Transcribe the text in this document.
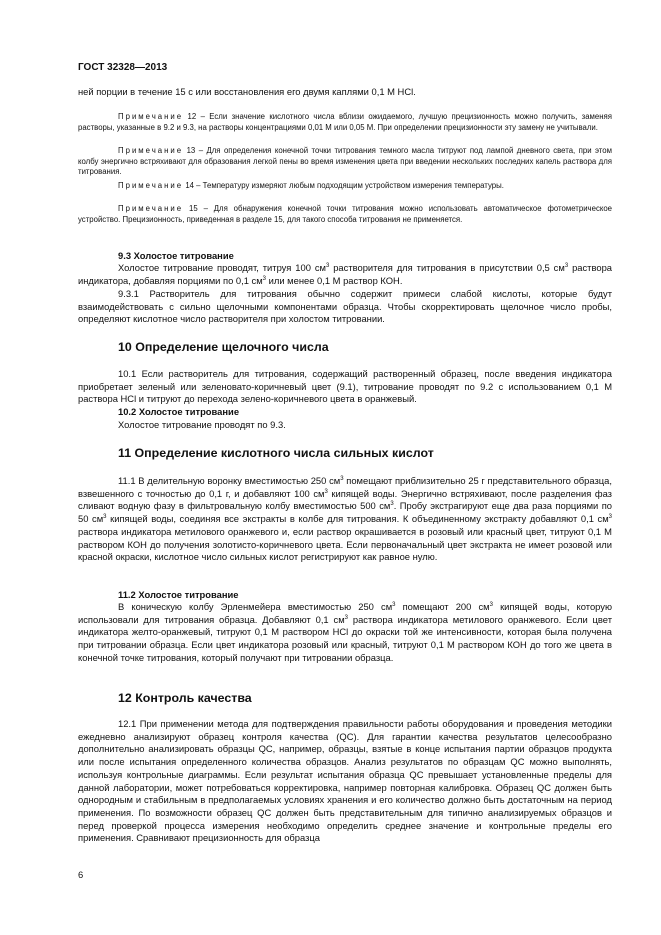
ГОСТ 32328—2013
ней порции в течение 15 с или восстановления его двумя каплями 0,1 М HCl.
Примечание 12 – Если значение кислотного числа вблизи ожидаемого, лучшую прецизионность можно получить, заменяя растворы, указанные в 9.2 и 9.3, на растворы концентрациями 0,01 М или 0,05 М. При определении прецизионности эту замену не учитывали.
Примечание 13 – Для определения конечной точки титрования темного масла титруют под лампой дневного света, при этом колбу энергично встряхивают для образования легкой пены во время изменения цвета при введении нескольких последних капель раствора для титрования.
Примечание 14 – Температуру измеряют любым подходящим устройством измерения температуры.
Примечание 15 – Для обнаружения конечной точки титрования можно использовать автоматическое фотометрическое устройство. Прецизионность, приведенная в разделе 15, для такого способа титрования не применяется.
9.3 Холостое титрование
Холостое титрование проводят, титруя 100 $см^3$ растворителя для титрования в присутствии 0,5 $см^3$ раствора индикатора, добавляя порциями по 0,1 $см^3$ или менее 0,1 М раствор КОН.
9.3.1 Растворитель для титрования обычно содержит примеси слабой кислоты, которые будут взаимодействовать с сильно щелочными компонентами образца. Чтобы скорректировать щелочное число пробы, определяют кислотное число растворителя при холостом титровании.
10 Определение щелочного числа
10.1 Если растворитель для титрования, содержащий растворенный образец, после введения индикатора приобретает зеленый или зеленовато-коричневый цвет (9.1), титрование проводят по 9.2 с использованием 0,1 М раствора HCl и титруют до перехода зелено-коричневого цвета в оранжевый.
10.2 Холостое титрование
Холостое титрование проводят по 9.3.
11 Определение кислотного числа сильных кислот
11.1 В делительную воронку вместимостью 250 $см^3$ помещают приблизительно 25 г представительного образца, взвешенного с точностью до 0,1 г, и добавляют 100 $см^3$ кипящей воды. Энергично встряхивают, после разделения фаз сливают водную фазу в фильтровальную колбу вместимостью 500 $см^3$. Пробу экстрагируют еще два раза порциями по 50 $см^3$ кипящей воды, соединяя все экстракты в колбе для титрования. К объединенному экстракту добавляют 0,1 $см^3$ раствора индикатора метилового оранжевого и, если раствор окрашивается в розовый или красный цвет, титруют 0,1 М раствором КОН до получения золотисто-коричневого цвета. Если первоначальный цвет экстракта не имеет розовой или красной окраски, кислотное число сильных кислот регистрируют как равное нулю.
11.2 Холостое титрование
В коническую колбу Эрленмейера вместимостью 250 $см^3$ помещают 200 $см^3$ кипящей воды, которую использовали для титрования образца. Добавляют 0,1 $см^3$ раствора индикатора метилового оранжевого. Если цвет индикатора желто-оранжевый, титруют 0,1 М раствором HCl до окраски той же интенсивности, которая была получена при титровании образца. Если цвет индикатора розовый или красный, титруют 0,1 М раствором КОН до того же цвета в конечной точке титрования, который получают при титровании образца.
12 Контроль качества
12.1 При применении метода для подтверждения правильности работы оборудования и проведения методики ежедневно анализируют образец контроля качества (QC). Для гарантии качества результатов целесообразно дополнительно анализировать образцы QC, например, образцы, взятые в конце испытания партии образцов продукта или после испытания определенного количества образцов. Анализ результатов по образцам QC можно выполнять, используя контрольные диаграммы. Если результат испытания образца QC превышает установленные пределы для данной лаборатории, может потребоваться корректировка, например повторная калибровка. Образец QC должен быть однородным и стабильным в предполагаемых условиях хранения и его количество должно быть достаточным на период применения. По возможности образец QC должен быть представительным для типично анализируемых образцов и перед проверкой процесса измерения необходимо определить среднее значение и контрольные пределы его применения. Сравнивают прецизионность для образца
6
